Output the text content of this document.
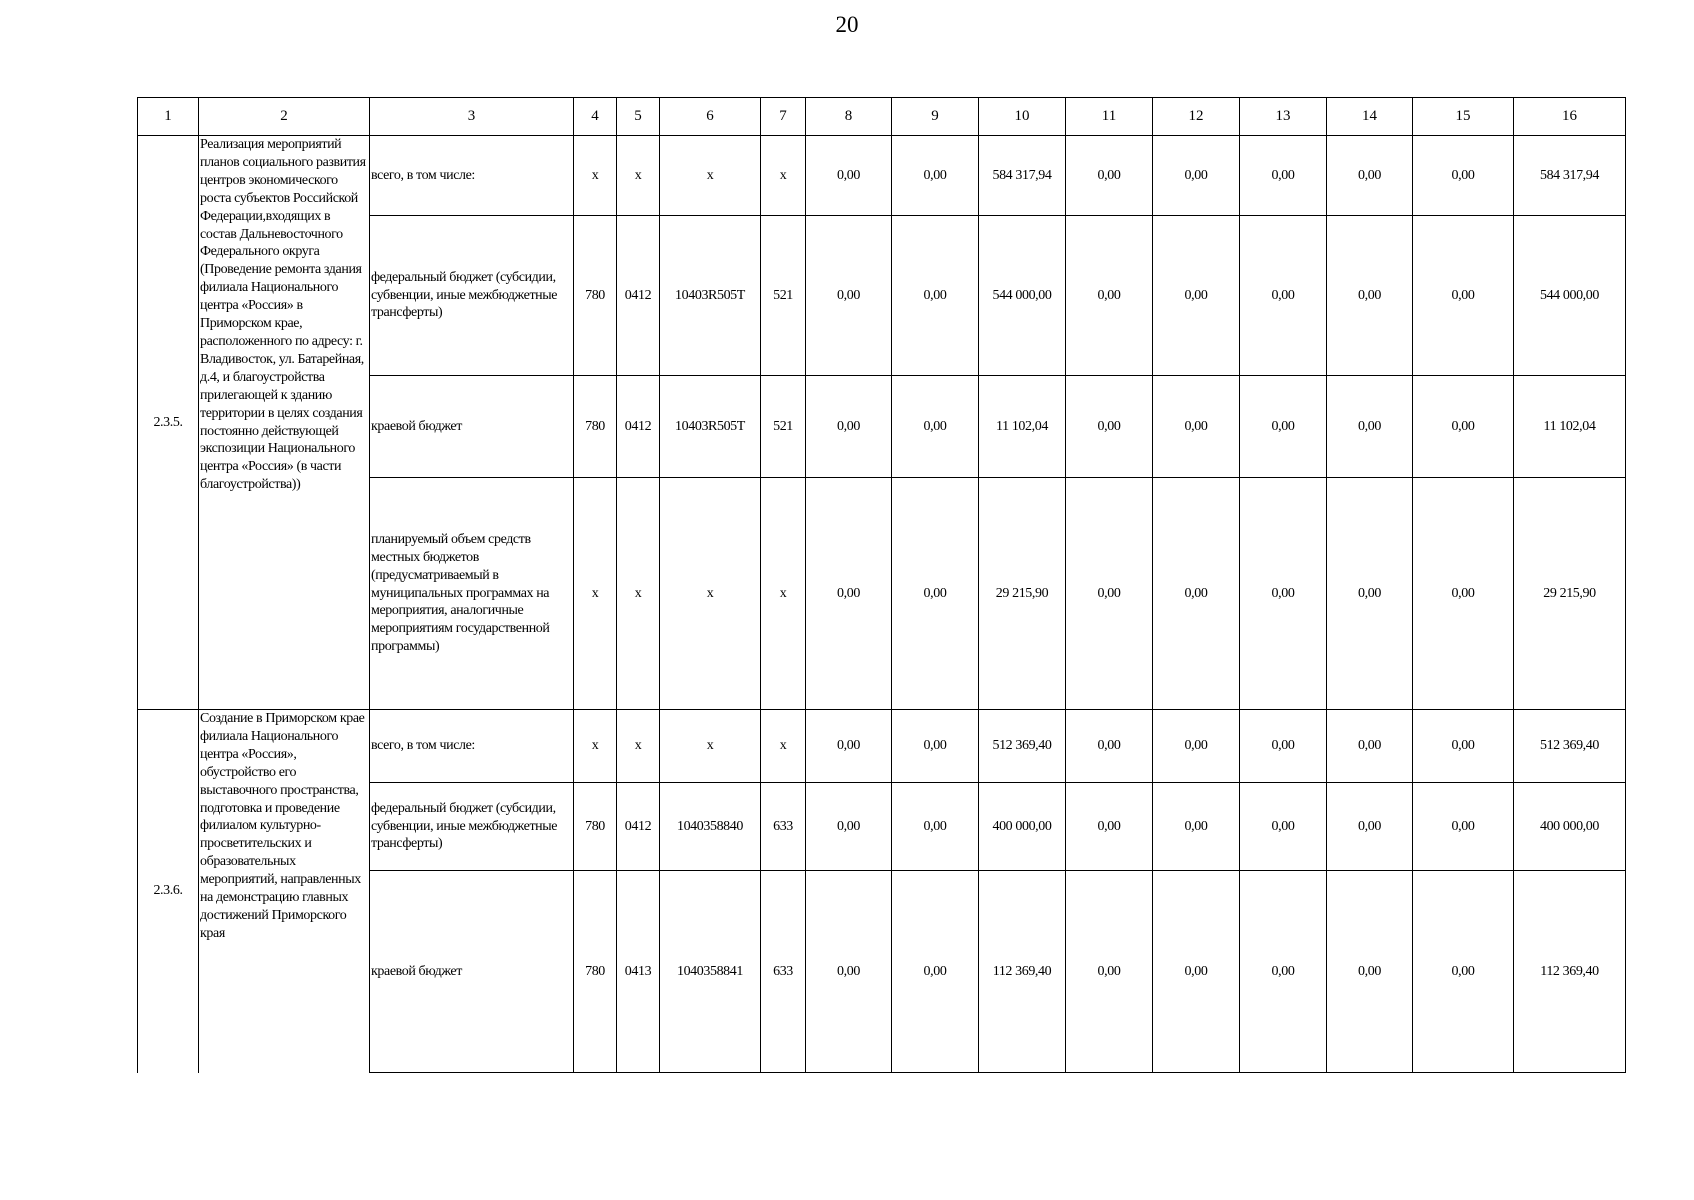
20
1	2	3	4	5	6	7	8	9	10	11	12	13	14	15	16
2.3.5.	Реализация мероприятий планов социального развития центров экономического роста субъектов Российской Федерации,входящих в состав Дальневосточного Федерального округа (Проведение ремонта здания филиала Национального центра «Россия» в Приморском крае, расположенного по адресу: г. Владивосток, ул. Батарейная, д.4, и благоустройства прилегающей к зданию территории в целях создания постоянно действующей экспозиции Национального центра «Россия» (в части благоустройства))	всего, в том числе:	x	x	x	x	0,00	0,00	584 317,94	0,00	0,00	0,00	0,00	0,00	584 317,94
		федеральный бюджет (субсидии, субвенции, иные межбюджетные трансферты)	780	0412	10403R505T	521	0,00	0,00	544 000,00	0,00	0,00	0,00	0,00	0,00	544 000,00
		краевой бюджет	780	0412	10403R505T	521	0,00	0,00	11 102,04	0,00	0,00	0,00	0,00	0,00	11 102,04
		планируемый объем средств местных бюджетов (предусматриваемый в муниципальных программах на мероприятия, аналогичные мероприятиям государственной программы)	x	x	x	x	0,00	0,00	29 215,90	0,00	0,00	0,00	0,00	0,00	29 215,90
2.3.6.	Создание в Приморском крае филиала Национального центра «Россия», обустройство его выставочного пространства, подготовка и проведение филиалом культурно-просветительских и образовательных мероприятий, направленных на демонстрацию главных достижений Приморского края	всего, в том числе:	x	x	x	x	0,00	0,00	512 369,40	0,00	0,00	0,00	0,00	0,00	512 369,40
		федеральный бюджет (субсидии, субвенции, иные межбюджетные трансферты)	780	0412	1040358840	633	0,00	0,00	400 000,00	0,00	0,00	0,00	0,00	0,00	400 000,00
		краевой бюджет	780	0413	1040358841	633	0,00	0,00	112 369,40	0,00	0,00	0,00	0,00	0,00	112 369,40
